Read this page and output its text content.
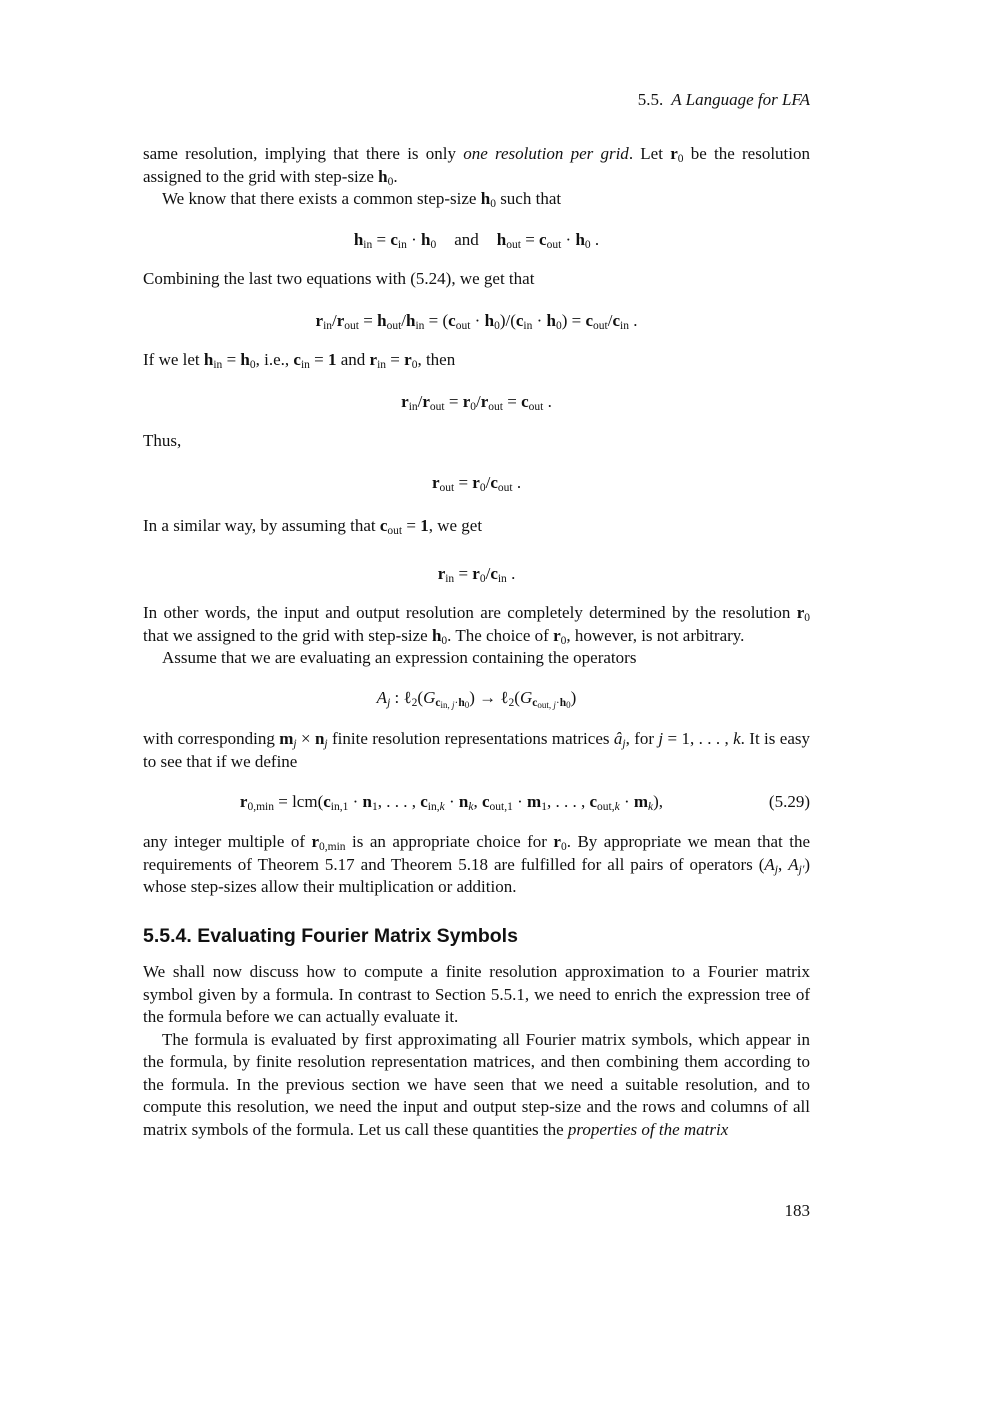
5.5. A Language for LFA

same resolution, implying that there is only one resolution per grid. Let $r_0$ be the resolution assigned to the grid with step-size $h_0$.

We know that there exists a common step-size $h_0$ such that

$h_{in} = c_{in} \cdot h_0$ and $h_{out} = c_{out} \cdot h_0$ .

Combining the last two equations with (5.24), we get that

$r_{in}/r_{out} = h_{out}/h_{in} = (c_{out} \cdot h_0)/(c_{in} \cdot h_0) = c_{out}/c_{in}$ .

If we let $h_{in} = h_0$, i.e., $c_{in} = 1$ and $r_{in} = r_0$, then

$r_{in}/r_{out} = r_0/r_{out} = c_{out}$ .

Thus,

$r_{out} = r_0/c_{out}$ .

In a similar way, by assuming that $c_{out} = 1$, we get

$r_{in} = r_0/c_{in}$ .

In other words, the input and output resolution are completely determined by the resolution $r_0$ that we assigned to the grid with step-size $h_0$. The choice of $r_0$, however, is not arbitrary.

Assume that we are evaluating an expression containing the operators

$A_j$ : $\ell_2(G_{c_{in, j}\cdot h_0})$ → $\ell_2(G_{c_{out, j}\cdot h_0})$

with corresponding $m_j \times n_j$ finite resolution representations matrices $â_j$, for j = 1, . . . , k. It is easy to see that if we define

$r_{0,min} = lcm(c_{in,1} \cdot n_1$, . . . , $c_{in,k} \cdot n_k$, $c_{out,1} \cdot m_1$, . . . , $c_{out,k} \cdot m_k$),	(5.29)

any integer multiple of $r_{0,min}$ is an appropriate choice for $r_0$. By appropriate we mean that the requirements of Theorem 5.17 and Theorem 5.18 are fulfilled for all pairs of operators ($A_j$, $A_{j'}$) whose step-sizes allow their multiplication or addition.

5.5.4. Evaluating Fourier Matrix Symbols

We shall now discuss how to compute a finite resolution approximation to a Fourier matrix symbol given by a formula. In contrast to Section 5.5.1, we need to enrich the expression tree of the formula before we can actually evaluate it.

The formula is evaluated by first approximating all Fourier matrix symbols, which appear in the formula, by finite resolution representation matrices, and then combining them according to the formula. In the previous section we have seen that we need a suitable resolution, and to compute this resolution, we need the input and output step-size and the rows and columns of all matrix symbols of the formula. Let us call these quantities the properties of the matrix

183
